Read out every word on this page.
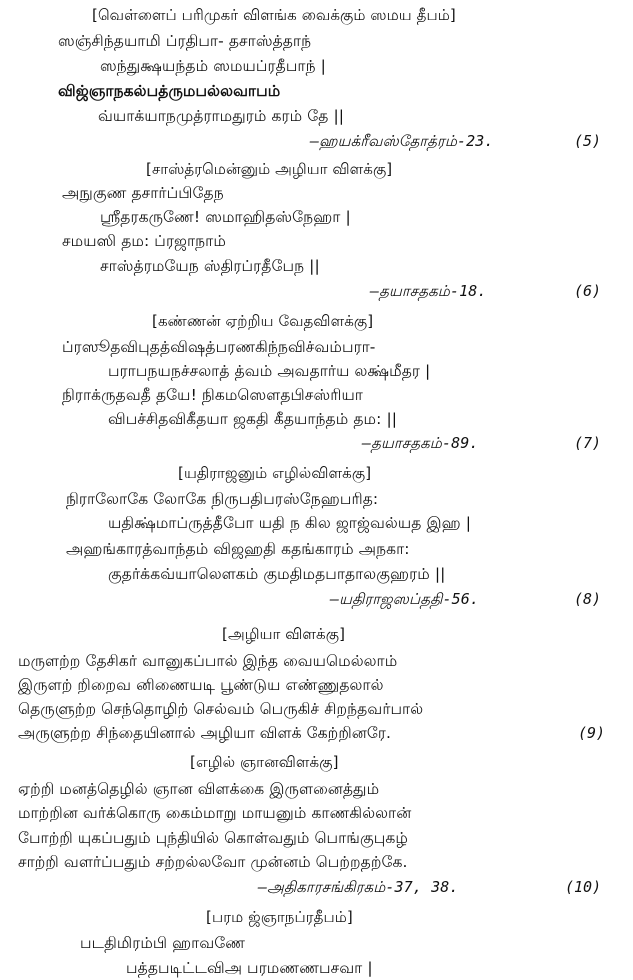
[வெள்ளைப் பரிமுகர் விளங்க வைக்கும் ஸமய தீபம்]
ஸஞ்சிந்தயாமி ப்ரதிபா- தசாஸ்த்தாந்
ஸந்துக்ஷயந்தம் ஸமயப்ரதீபாந் |
விஜ்ஞாநகல்பத்ருமபல்லவாபம்
வ்யாக்யாநமுத்ராமதுரம் கரம் தே ||
—ஹயக்ரீவஸ்தோத்ரம்-23.	(5)
[சாஸ்த்ரமென்னும் அழியா விளக்கு]
அநுகுண தசார்ப்பிதேந
ஸ்ரீதரகருணே! ஸமாஹிதஸ்நேஹா |
சமயஸி தம: ப்ரஜாநாம்
சாஸ்த்ரமயேந ஸ்திரப்ரதீபேந ||
—தயாசதகம்-18.	(6)
[கண்ணன் ஏற்றிய வேதவிளக்கு]
ப்ரஸூதவிபுதத்விஷத்பரணகிந்நவிச்வம்பரா-
பராபநயநச்சலாத் த்வம் அவதார்ய லக்ஷ்மீதர |
நிராக்ருதவதீ தயே! நிகமஸெளதபிசஸ்ரியா
விபச்சிதவிகீதயா ஜகதி கீதயாந்தம் தம: ||
—தயாசதகம்-89.	(7)
[யதிராஜனும் எழில்விளக்கு]
நிராலோகே லோகே நிருபதிபரஸ்நேஹபரித:
யதிக்ஷ்மாப்ருத்தீபோ யதி ந கில ஜாஜ்வல்யத இஹ |
அஹங்காரத்வாந்தம் விஜஹதி கதங்காரம் அநகா:
குதர்க்கவ்யாலெளகம் குமதிமதபாதாலகுஹரம் ||
—யதிராஜஸப்ததி-56.	(8)
[அழியா விளக்கு]
மருளற்ற தேசிகர் வானுகப்பால் இந்த வையமெல்லாம்
இருளற் றிறைவ னிணையடி பூண்டுய எண்ணுதலால்
தெருளுற்ற செந்தொழிற் செல்வம் பெருகிச் சிறந்தவர்பால்
அருளுற்ற சிந்தையினால் அழியா விளக் கேற்றினரே.	(9)
[எழில் ஞானவிளக்கு]
ஏற்றி மனத்தெழில் ஞான விளக்கை இருளனைத்தும்
மாற்றின வர்க்கொரு கைம்மாறு மாயனும் காணகில்லான்
போற்றி யுகப்பதும் புந்தியில் கொள்வதும் பொங்குபுகழ்
சாற்றி வளர்ப்பதும் சற்றல்லவோ முன்னம் பெற்றதற்கே.
—அதிகாரசங்கிரகம்-37, 38.	(10)
[பரம ஜ்ஞாநப்ரதீபம்]
படதிமிரம்பி ஹாவணே
பத்தபடிட்டவிஅ பரமணணபசவா |
